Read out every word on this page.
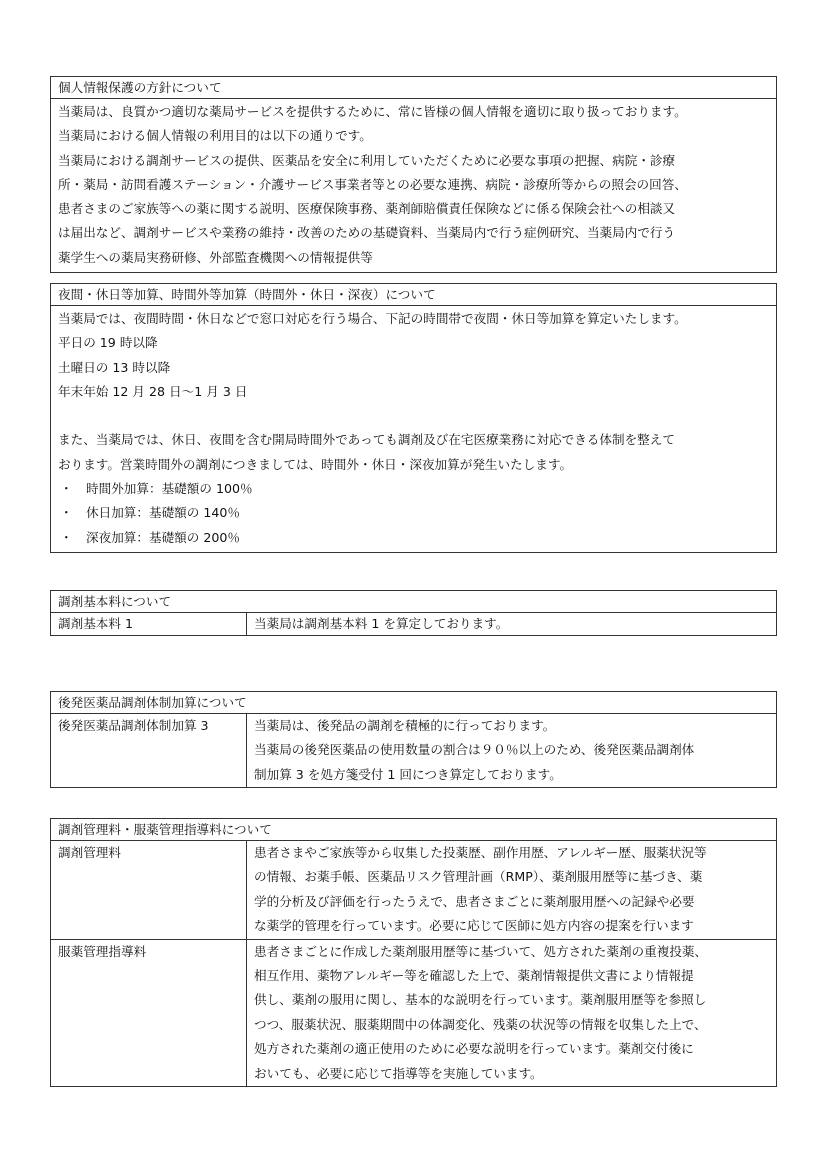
個人情報保護の方針について
当薬局は、良質かつ適切な薬局サービスを提供するために、常に皆様の個人情報を適切に取り扱っております。
当薬局における個人情報の利用目的は以下の通りです。
当薬局における調剤サービスの提供、医薬品を安全に利用していただくために必要な事項の把握、病院・診療
所・薬局・訪問看護ステーション・介護サービス事業者等との必要な連携、病院・診療所等からの照会の回答、
患者さまのご家族等への薬に関する説明、医療保険事務、薬剤師賠償責任保険などに係る保険会社への相談又
は届出など、調剤サービスや業務の維持・改善のための基礎資料、当薬局内で行う症例研究、当薬局内で行う
薬学生への薬局実務研修、外部監査機関への情報提供等
夜間・休日等加算、時間外等加算（時間外・休日・深夜）について
当薬局では、夜間時間・休日などで窓口対応を行う場合、下記の時間帯で夜間・休日等加算を算定いたします。
平日の 19 時以降
土曜日の 13 時以降
年末年始 12 月 28 日〜1 月 3 日
また、当薬局では、休日、夜間を含む開局時間外であっても調剤及び在宅医療業務に対応できる体制を整えて
おります。営業時間外の調剤につきましては、時間外・休日・深夜加算が発生いたします。
・ 時間外加算：基礎額の 100％
・ 休日加算：基礎額の 140％
・ 深夜加算：基礎額の 200％
調剤基本料について
調剤基本料 1	当薬局は調剤基本料 1 を算定しております。
後発医薬品調剤体制加算について
後発医薬品調剤体制加算 3	当薬局は、後発品の調剤を積極的に行っております。
当薬局の後発医薬品の使用数量の割合は９０％以上のため、後発医薬品調剤体
制加算 3 を処方箋受付 1 回につき算定しております。
調剤管理料・服薬管理指導料について
調剤管理料	患者さまやご家族等から収集した投薬歴、副作用歴、アレルギー歴、服薬状況等
の情報、お薬手帳、医薬品リスク管理計画（RMP）、薬剤服用歴等に基づき、薬
学的分析及び評価を行ったうえで、患者さまごとに薬剤服用歴への記録や必要
な薬学的管理を行っています。必要に応じて医師に処方内容の提案を行います
服薬管理指導料	患者さまごとに作成した薬剤服用歴等に基づいて、処方された薬剤の重複投薬、
相互作用、薬物アレルギー等を確認した上で、薬剤情報提供文書により情報提
供し、薬剤の服用に関し、基本的な説明を行っています。薬剤服用歴等を参照し
つつ、服薬状況、服薬期間中の体調変化、残薬の状況等の情報を収集した上で、
処方された薬剤の適正使用のために必要な説明を行っています。薬剤交付後に
おいても、必要に応じて指導等を実施しています。
